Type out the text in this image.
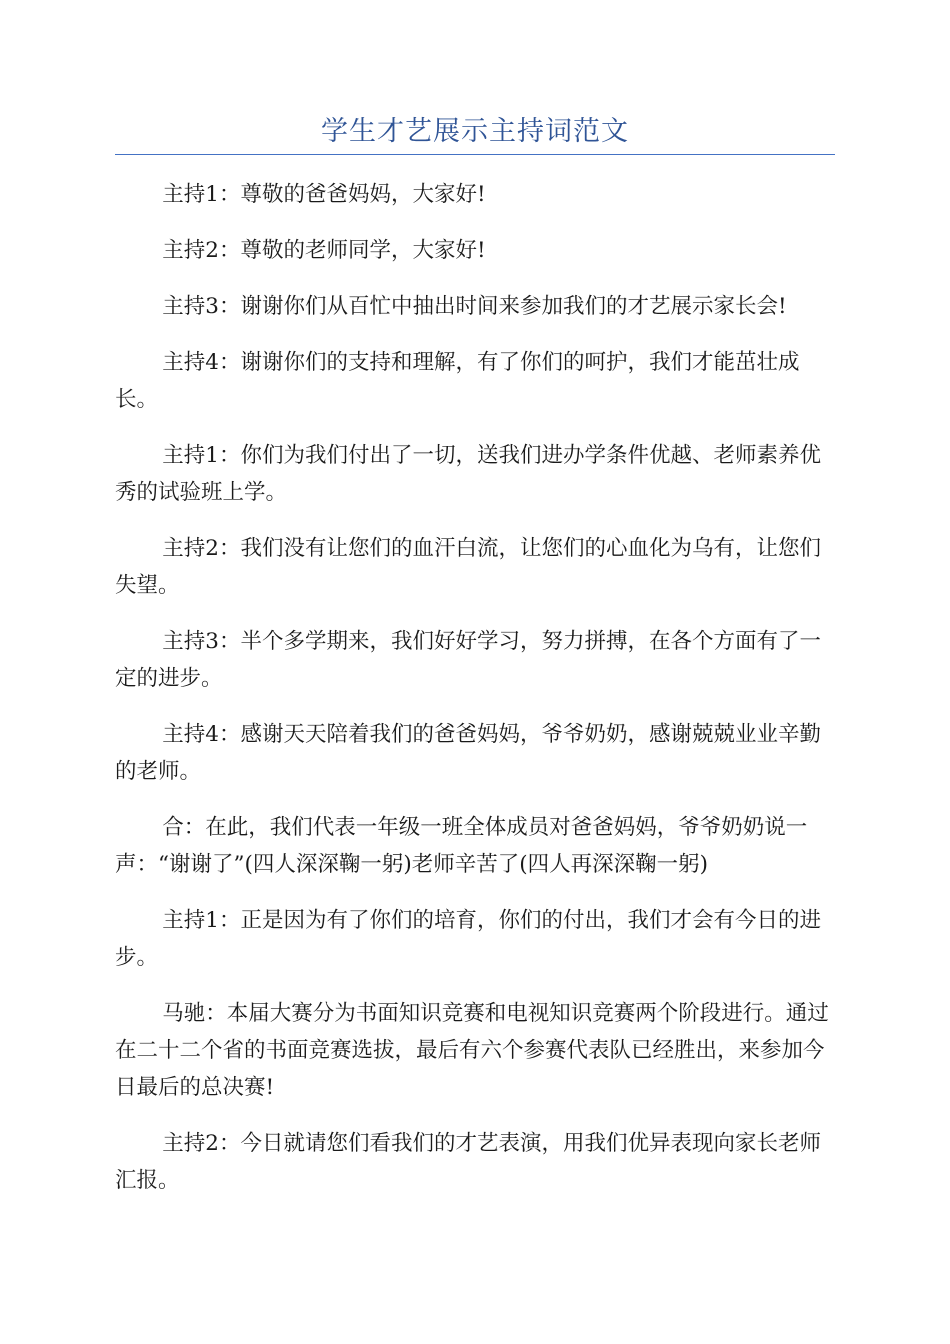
学生才艺展示主持词范文

主持1：尊敬的爸爸妈妈，大家好!

主持2：尊敬的老师同学，大家好!

主持3：谢谢你们从百忙中抽出时间来参加我们的才艺展示家长会!

主持4：谢谢你们的支持和理解，有了你们的呵护，我们才能茁壮成长。

主持1：你们为我们付出了一切，送我们进办学条件优越、老师素养优秀的试验班上学。

主持2：我们没有让您们的血汗白流，让您们的心血化为乌有，让您们失望。

主持3：半个多学期来，我们好好学习，努力拼搏，在各个方面有了一定的进步。

主持4：感谢天天陪着我们的爸爸妈妈，爷爷奶奶，感谢兢兢业业辛勤的老师。

合：在此，我们代表一年级一班全体成员对爸爸妈妈，爷爷奶奶说一声：“谢谢了”(四人深深鞠一躬)老师辛苦了(四人再深深鞠一躬)

主持1：正是因为有了你们的培育，你们的付出，我们才会有今日的进步。

马驰：本届大赛分为书面知识竞赛和电视知识竞赛两个阶段进行。通过在二十二个省的书面竞赛选拔，最后有六个参赛代表队已经胜出，来参加今日最后的总决赛!

主持2：今日就请您们看我们的才艺表演，用我们优异表现向家长老师汇报。
